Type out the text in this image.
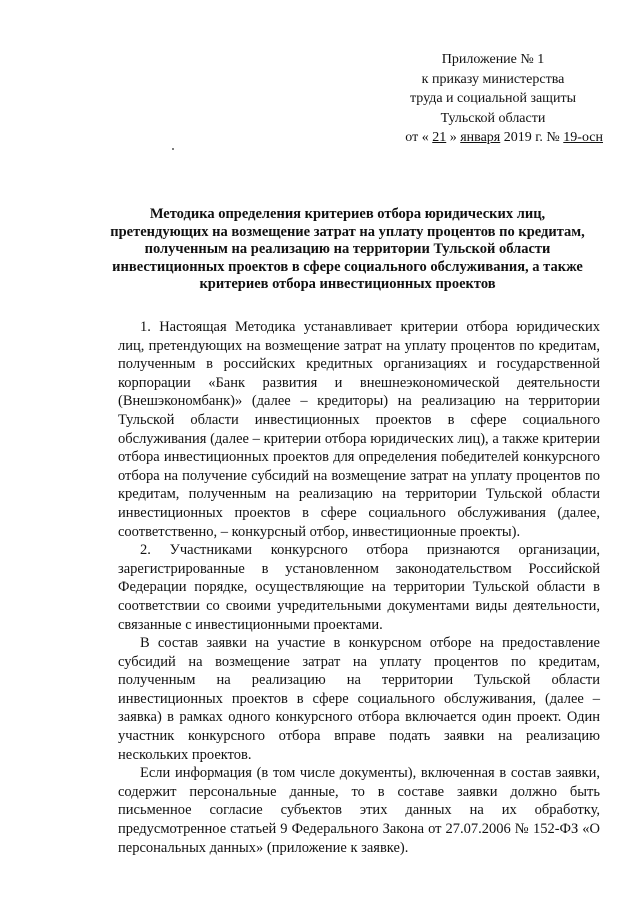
Приложение № 1
к приказу министерства
труда и социальной защиты
Тульской области
от « 21 » января 2019 г. № 19-осн
Методика определения критериев отбора юридических лиц,
претендующих на возмещение затрат на уплату процентов по кредитам,
полученным на реализацию на территории Тульской области
инвестиционных проектов в сфере социального обслуживания, а также
критериев отбора инвестиционных проектов

1. Настоящая Методика устанавливает критерии отбора юридических лиц, претендующих на возмещение затрат на уплату процентов по кредитам, полученным в российских кредитных организациях и государственной корпорации «Банк развития и внешнеэкономической деятельности (Внешэкономбанк)» (далее – кредиторы) на реализацию на территории Тульской области инвестиционных проектов в сфере социального обслуживания (далее – критерии отбора юридических лиц), а также критерии отбора инвестиционных проектов для определения победителей конкурсного отбора на получение субсидий на возмещение затрат на уплату процентов по кредитам, полученным на реализацию на территории Тульской области инвестиционных проектов в сфере социального обслуживания (далее, соответственно, – конкурсный отбор, инвестиционные проекты).

2. Участниками конкурсного отбора признаются организации, зарегистрированные в установленном законодательством Российской Федерации порядке, осуществляющие на территории Тульской области в соответствии со своими учредительными документами виды деятельности, связанные с инвестиционными проектами.

В состав заявки на участие в конкурсном отборе на предоставление субсидий на возмещение затрат на уплату процентов по кредитам, полученным на реализацию на территории Тульской области инвестиционных проектов в сфере социального обслуживания, (далее – заявка) в рамках одного конкурсного отбора включается один проект. Один участник конкурсного отбора вправе подать заявки на реализацию нескольких проектов.

Если информация (в том числе документы), включенная в состав заявки, содержит персональные данные, то в составе заявки должно быть письменное согласие субъектов этих данных на их обработку, предусмотренное статьей 9 Федерального Закона от 27.07.2006 № 152-ФЗ «О персональных данных» (приложение к заявке).
